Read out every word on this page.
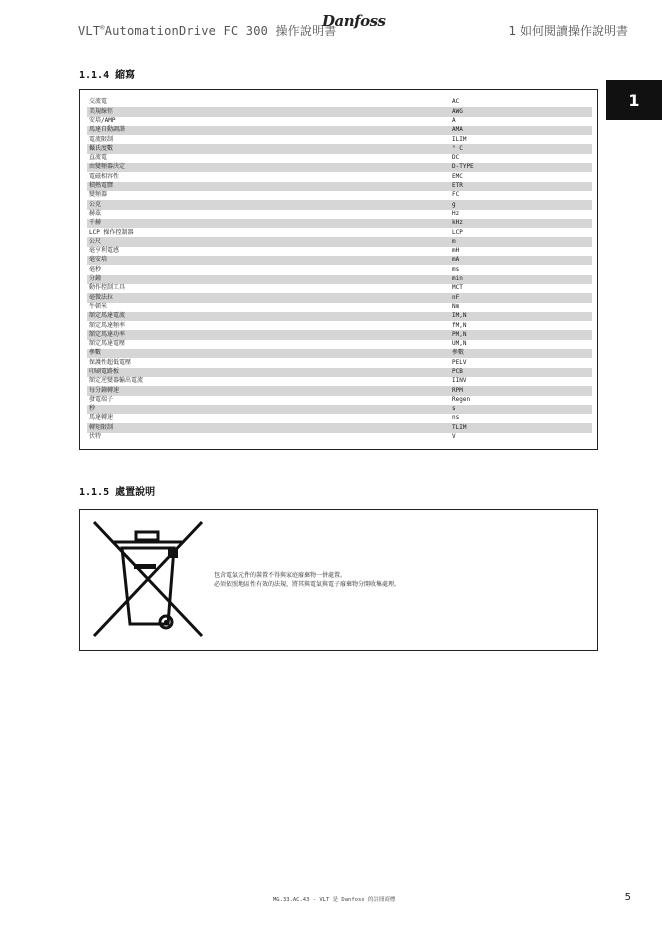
VLT®AutomationDrive FC 300 操作說明書
Danfoss
1 如何閱讀操作說明書
1
1.1.4 縮寫
交流電	AC
美規線徑	AWG
安培/AMP	A
馬達自動調諧	AMA
電流限制	ILIM
攝氏度數	° C
直流電	DC
由變頻器決定	D-TYPE
電磁相容性	EMC
積熱電驛	ETR
變頻器	FC
公克	g
赫茲	Hz
千赫	kHz
LCP 操作控制器	LCP
公尺	m
毫亨利電感	mH
毫安培	mA
毫秒	ms
分鐘	min
動作控制工具	MCT
毫微法拉	nF
牛頓米	Nm
額定馬達電流	IM,N
額定馬達頻率	fM,N
額定馬達功率	PM,N
額定馬達電壓	UM,N
參數	參數
保護性超低電壓	PELV
印刷電路板	PCB
額定逆變器輸出電流	IINV
每分鐘轉速	RPM
發電端子	Regen
秒	s
馬達轉速	ns
轉矩限制	TLIM
伏特	V
1.1.5 處置說明
包含電氣元件的裝置不得與家庭廢棄物一併處置。
必須依照地區性有效的法規，將其與電氣與電子廢棄物分開收集處理。
MG.33.AC.43 - VLT 是 Danfoss 的註冊商標	5
